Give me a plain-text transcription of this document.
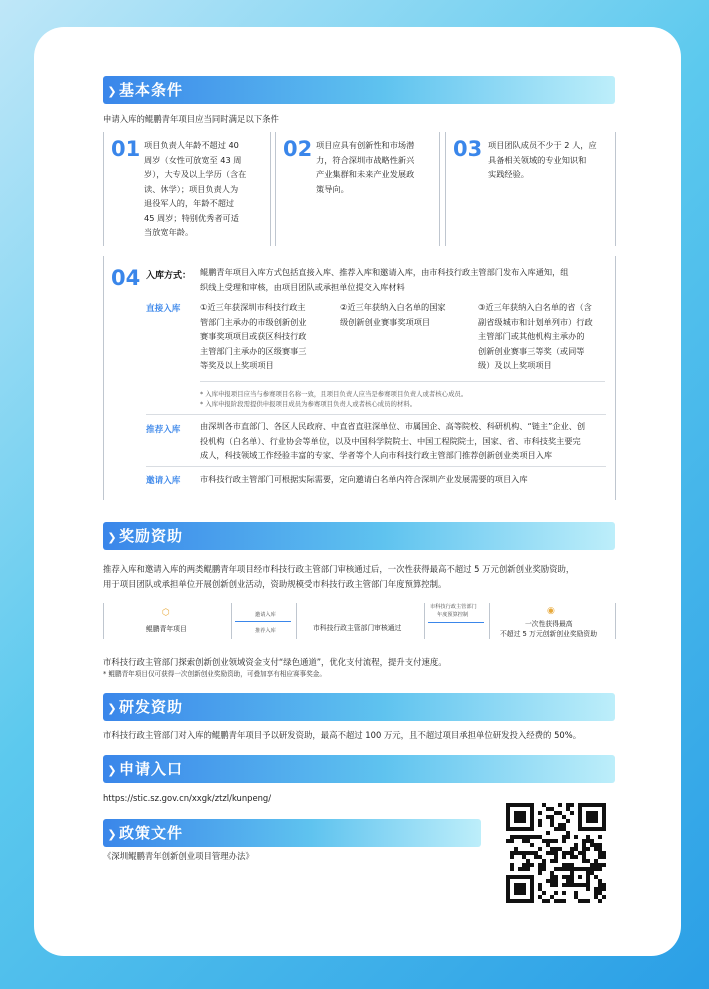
❯ 基本条件
申请入库的鲲鹏青年项目应当同时满足以下条件
01 项目负责人年龄不超过 40
周岁（女性可放宽至 43 周
岁），大专及以上学历（含在
读、休学）；项目负责人为
退役军人的，年龄不超过
45 周岁；特别优秀者可适
当放宽年龄。
02 项目应具有创新性和市场潜
力，符合深圳市战略性新兴
产业集群和未来产业发展政
策导向。
03 项目团队成员不少于 2 人，应
具备相关领域的专业知识和
实践经验。
04 入库方式： 鲲鹏青年项目入库方式包括直接入库、推荐入库和邀请入库，由市科技行政主管部门发布入库通知，组
织线上受理和审核，由项目团队或承担单位提交入库材料
直接入库 ①近三年获深圳市科技行政主
管部门主承办的市级创新创业
赛事奖项项目或获区科技行政
主管部门主承办的区级赛事三
等奖及以上奖项项目
②近三年获纳入白名单的国家
级创新创业赛事奖项项目
③近三年获纳入白名单的省（含
副省级城市和计划单列市）行政
主管部门或其他机构主承办的
创新创业赛事三等奖（或同等
级）及以上奖项项目
* 入库申报项目应当与参赛项目名称一致，且项目负责人应当是参赛项目负责人或者核心成员。
* 入库申报阶段需提供申报项目成员为参赛项目负责人或者核心成员的材料。
推荐入库 由深圳各市直部门、各区人民政府、中直省直驻深单位、市属国企、高等院校、科研机构、“链主”企业、创
投机构（白名单）、行业协会等单位，以及中国科学院院士、中国工程院院士，国家、省、市科技奖主要完
成人，科技领域工作经验丰富的专家、学者等个人向市科技行政主管部门推荐创新创业类项目入库
邀请入库 市科技行政主管部门可根据实际需要，定向邀请白名单内符合深圳产业发展需要的项目入库
❯ 奖励资助
推荐入库和邀请入库的两类鲲鹏青年项目经市科技行政主管部门审核通过后，一次性获得最高不超过 5 万元创新创业奖励资助，
用于项目团队或承担单位开展创新创业活动，资助规模受市科技行政主管部门年度预算控制。
⬡
鲲鹏青年项目
邀请入库
推荐入库	市科技行政主管部门审核通过
市科技行政主管部门
年度预算控制	◉
一次性获得最高
不超过 5 万元创新创业奖励资助
市科技行政主管部门探索创新创业领域资金支付“绿色通道”，优化支付流程，提升支付速度。
* 鲲鹏青年项目仅可获得一次创新创业奖励资助，可叠加享有相应赛事奖金。
❯ 研发资助
市科技行政主管部门对入库的鲲鹏青年项目予以研发资助，最高不超过 100 万元，且不超过项目承担单位研发投入经费的 50%。
❯ 申请入口
https://stic.sz.gov.cn/xxgk/ztzl/kunpeng/
❯ 政策文件
《深圳鲲鹏青年创新创业项目管理办法》
